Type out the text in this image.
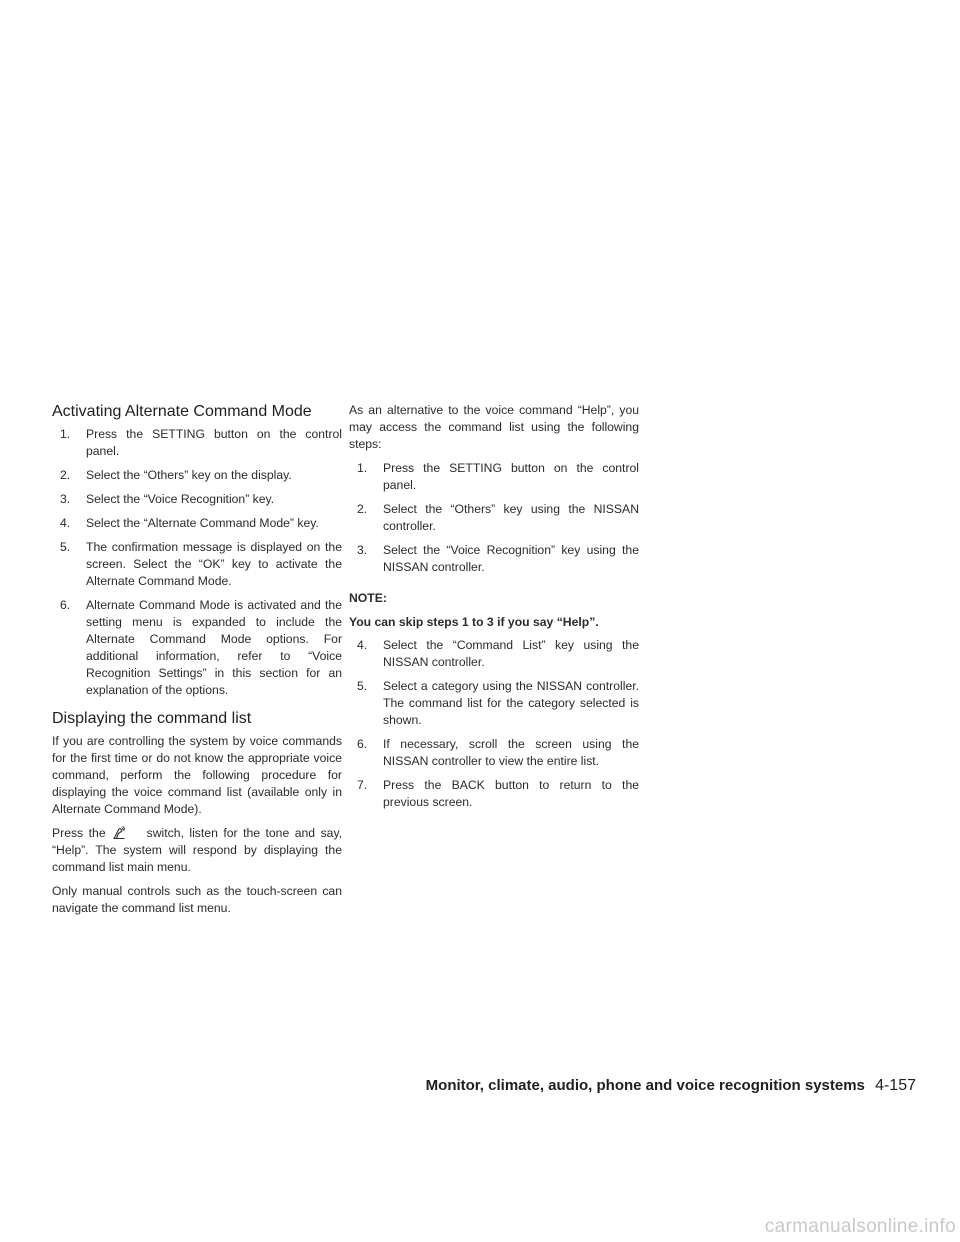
Activating Alternate Command Mode
1.	Press the SETTING button on the control panel.
2.	Select the “Others” key on the display.
3.	Select the “Voice Recognition” key.
4.	Select the “Alternate Command Mode” key.
5.	The confirmation message is displayed on the screen. Select the “OK” key to activate the Alternate Command Mode.
6.	Alternate Command Mode is activated and the setting menu is expanded to include the Alternate Command Mode options. For additional information, refer to “Voice Recognition Settings” in this section for an explanation of the options.
Displaying the command list

If you are controlling the system by voice commands for the first time or do not know the appropriate voice command, perform the following procedure for displaying the voice command list (available only in Alternate Command Mode).

Press the	switch, listen for the tone and say, “Help”. The system will respond by displaying the command list main menu.

Only manual controls such as the touch-screen can navigate the command list menu.

As an alternative to the voice command “Help”, you may access the command list using the following steps:

1.	Press the SETTING button on the control panel.
2.	Select the “Others” key using the NISSAN controller.
3.	Select the “Voice Recognition” key using the NISSAN controller.
NOTE:
You can skip steps 1 to 3 if you say “Help”.
4.	Select the “Command List” key using the NISSAN controller.
5.	Select a category using the NISSAN controller. The command list for the category selected is shown.
6.	If necessary, scroll the screen using the NISSAN controller to view the entire list.
7.	Press the BACK button to return to the previous screen.
Monitor, climate, audio, phone and voice recognition systems 4-157
carmanualsonline.info
